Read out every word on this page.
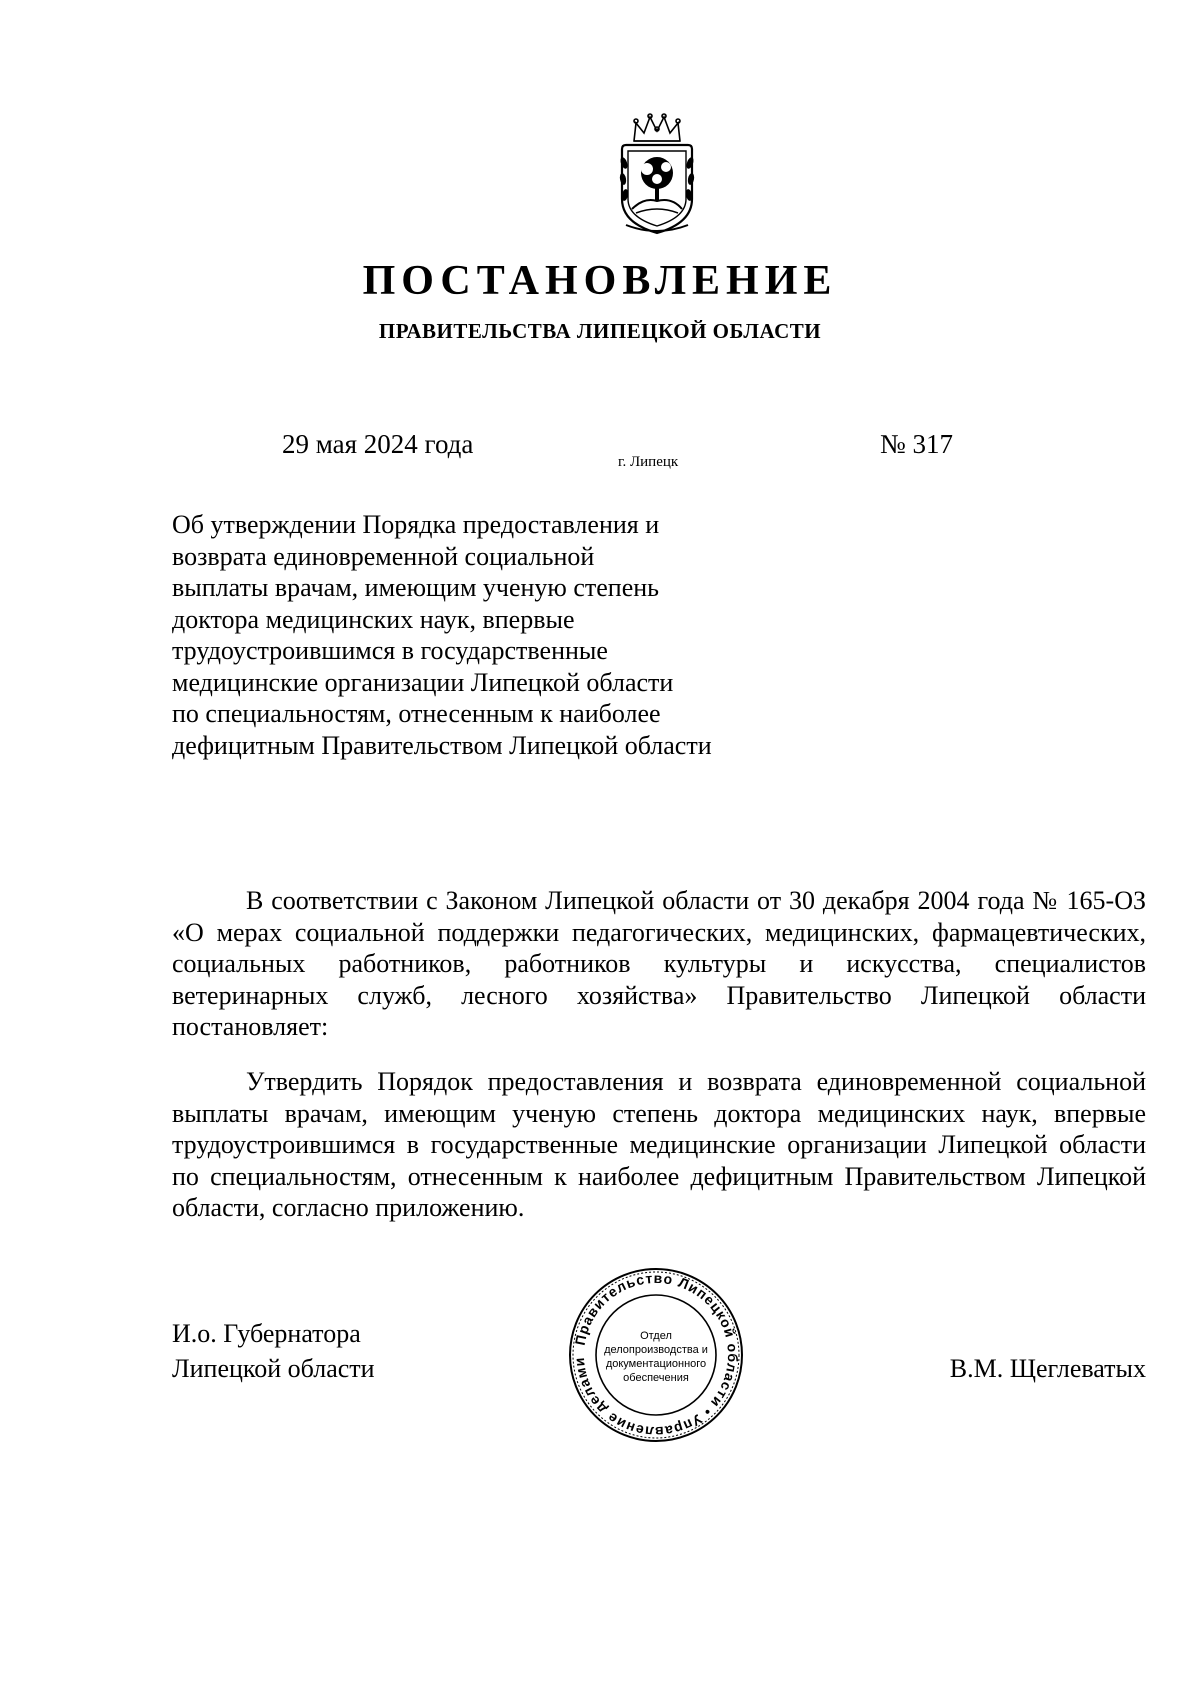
ПОСТАНОВЛЕНИЕ
ПРАВИТЕЛЬСТВА ЛИПЕЦКОЙ ОБЛАСТИ
29 мая 2024 года
г. Липецк
№ 317
Об утверждении Порядка предоставления и
возврата единовременной социальной
выплаты врачам, имеющим ученую степень
доктора медицинских наук, впервые
трудоустроившимся в государственные
медицинские организации Липецкой области
по специальностям, отнесенным к наиболее
дефицитным Правительством Липецкой области

В соответствии с Законом Липецкой области от 30 декабря 2004 года № 165-ОЗ «О мерах социальной поддержки педагогических, медицинских, фармацевтических, социальных работников, работников культуры и искусства, специалистов ветеринарных служб, лесного хозяйства» Правительство Липецкой области постановляет:

Утвердить Порядок предоставления и возврата единовременной социальной выплаты врачам, имеющим ученую степень доктора медицинских наук, впервые трудоустроившимся в государственные медицинские организации Липецкой области по специальностям, отнесенным к наиболее дефицитным Правительством Липецкой области, согласно приложению.

И.о. Губернатора
Липецкой области
Правительство Липецкой области • Управление делами
Отдел
делопроизводства и
документационного
обеспечения	В.М. Щеглеватых
